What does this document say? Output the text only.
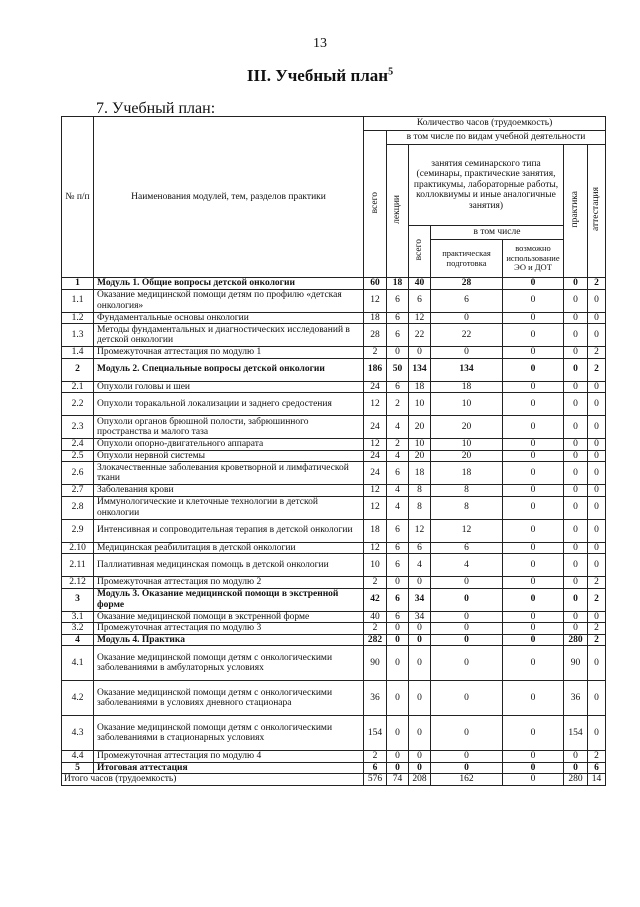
13
III. Учебный план$^5$
7. Учебный план:
№ п/п	Наименования модулей, тем, разделов практики	Количество часов (трудоемкость)						
		всего	в том числе по видам учебной деятельности					
			лекции	занятия семинарского типа (семинары, практические занятия, практикумы, лабораторные работы, коллоквиумы и иные аналогичные занятия)			практика	аттестация
				всего	в том числе			
					практическая подготовка	возможно использование ЭО и ДОТ		
1	Модуль 1. Общие вопросы детской онкологии	60	18	40	28	0	0	2
1.1	Оказание медицинской помощи детям по профилю «детская онкология»	12	6	6	6	0	0	0
1.2	Фундаментальные основы онкологии	18	6	12	0	0	0	0
1.3	Методы фундаментальных и диагностических исследований в детской онкологии	28	6	22	22	0	0	0
1.4	Промежуточная аттестация по модулю 1	2	0	0	0	0	0	2
2	Модуль 2. Специальные вопросы детской онкологии	186	50	134	134	0	0	2
2.1	Опухоли головы и шеи	24	6	18	18	0	0	0
2.2	Опухоли торакальной локализации и заднего средостения	12	2	10	10	0	0	0
2.3	Опухоли органов брюшной полости, забрюшинного пространства и малого таза	24	4	20	20	0	0	0
2.4	Опухоли опорно-двигательного аппарата	12	2	10	10	0	0	0
2.5	Опухоли нервной системы	24	4	20	20	0	0	0
2.6	Злокачественные заболевания кроветворной и лимфатической ткани	24	6	18	18	0	0	0
2.7	Заболевания крови	12	4	8	8	0	0	0
2.8	Иммунологические и клеточные технологии в детской онкологии	12	4	8	8	0	0	0
2.9	Интенсивная и сопроводительная терапия в детской онкологии	18	6	12	12	0	0	0
2.10	Медицинская реабилитация в детской онкологии	12	6	6	6	0	0	0
2.11	Паллиативная медицинская помощь в детской онкологии	10	6	4	4	0	0	0
2.12	Промежуточная аттестация по модулю 2	2	0	0	0	0	0	2
3	Модуль 3. Оказание медицинской помощи в экстренной форме	42	6	34	0	0	0	2
3.1	Оказание медицинской помощи в экстренной форме	40	6	34	0	0	0	0
3.2	Промежуточная аттестация по модулю 3	2	0	0	0	0	0	2
4	Модуль 4. Практика	282	0	0	0	0	280	2
4.1	Оказание медицинской помощи детям с онкологическими заболеваниями в амбулаторных условиях	90	0	0	0	0	90	0
4.2	Оказание медицинской помощи детям с онкологическими заболеваниями в условиях дневного стационара	36	0	0	0	0	36	0
4.3	Оказание медицинской помощи детям с онкологическими заболеваниями в стационарных условиях	154	0	0	0	0	154	0
4.4	Промежуточная аттестация по модулю 4	2	0	0	0	0	0	2
5	Итоговая аттестация	6	0	0	0	0	0	6
Итого часов (трудоемкость)		576	74	208	162	0	280	14
